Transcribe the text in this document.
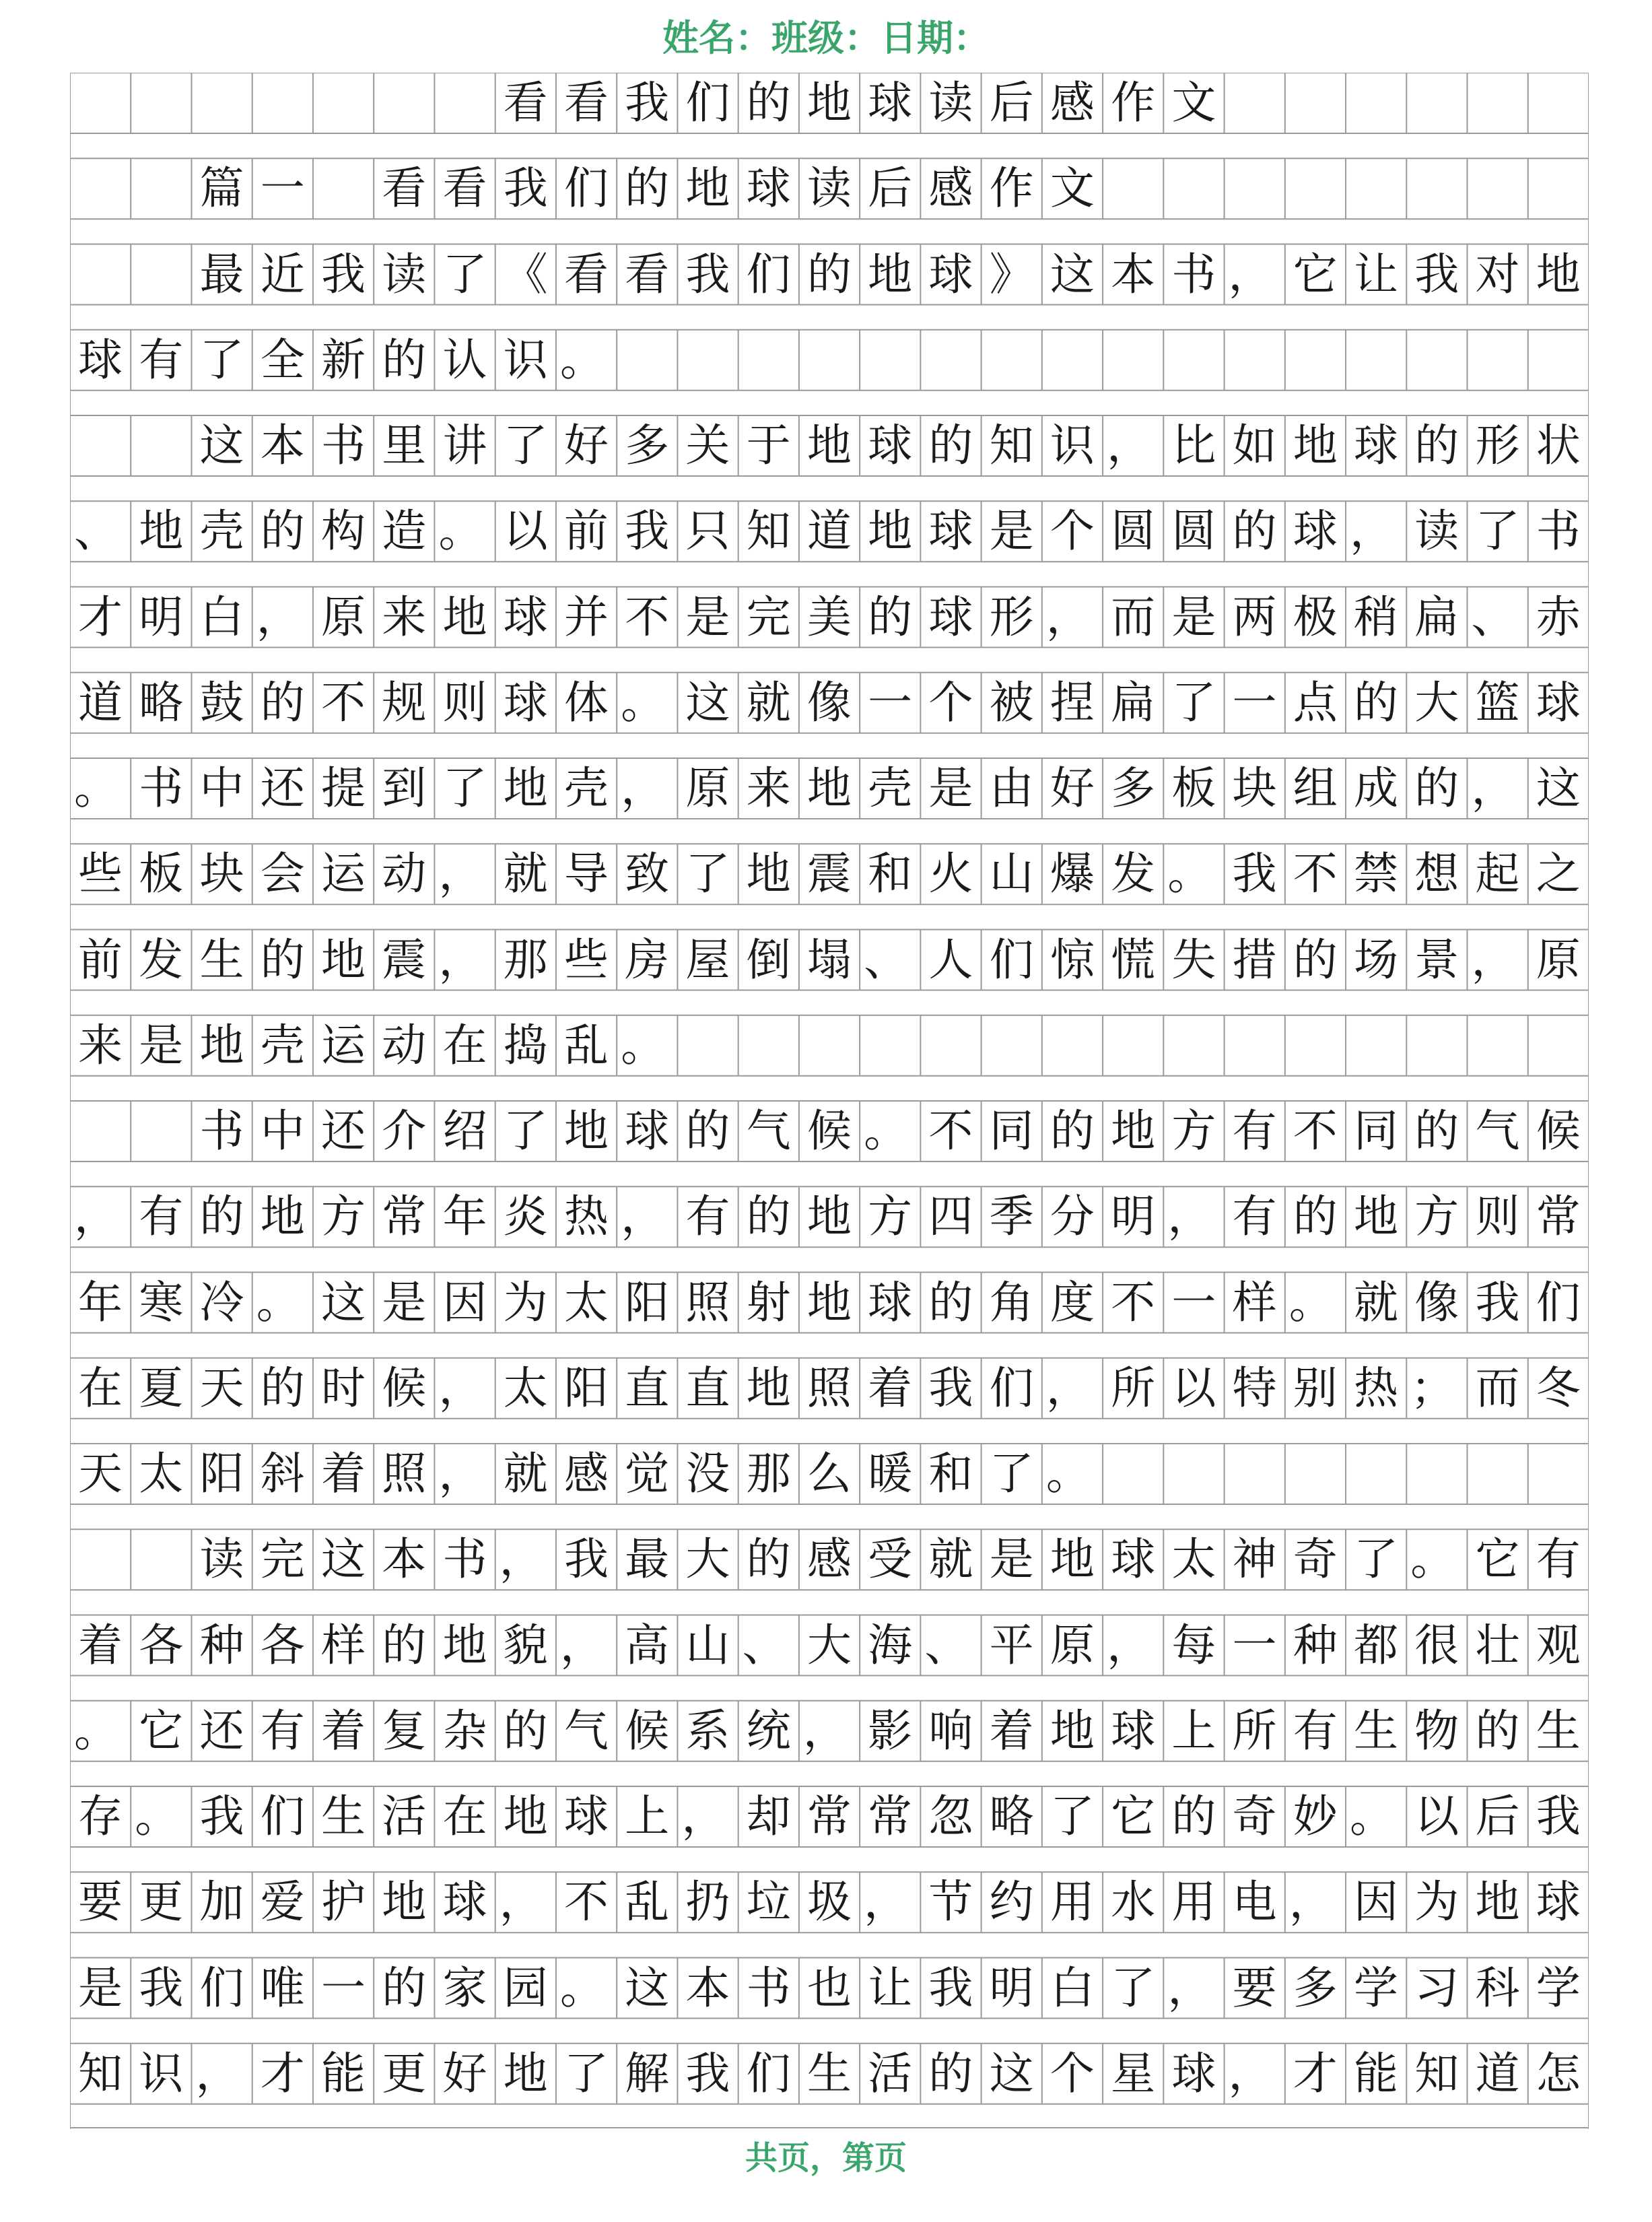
姓名：班级：日期：
看 看 我 们 的 地 球 读 后 感 作 文
篇 一
　 看 看 我 们 的 地 球 读 后 感 作 文
最 近 我 读 了 《 看 看 我 们 的 地 球 》 这 本 书 ， 它 让 我 对 地
球 有 了 全 新 的 认 识 。
这 本 书 里 讲 了 好 多 关 于 地 球 的 知 识 ， 比 如 地 球 的 形 状
、 地 壳 的 构 造 。 以 前 我 只 知 道 地 球 是 个 圆 圆 的 球 ， 读 了 书
才 明 白 ， 原 来 地 球 并 不 是 完 美 的 球 形 ， 而 是 两 极 稍 扁 、 赤
道 略 鼓 的 不 规 则 球 体 。 这 就 像 一 个 被 捏 扁 了 一 点 的 大 篮 球
。 书 中 还 提 到 了 地 壳 ， 原 来 地 壳 是 由 好 多 板 块 组 成 的 ， 这
些 板 块 会 运 动 ， 就 导 致 了 地 震 和 火 山 爆 发 。 我 不 禁 想 起 之
前 发 生 的 地 震 ， 那 些 房 屋 倒 塌 、 人 们 惊 慌 失 措 的 场 景 ， 原
来 是 地 壳 运 动 在 捣 乱 。
书 中 还 介 绍 了 地 球 的 气 候 。 不 同 的 地 方 有 不 同 的 气 候
， 有 的 地 方 常 年 炎 热 ， 有 的 地 方 四 季 分 明 ， 有 的 地 方 则 常
年 寒 冷 。 这 是 因 为 太 阳 照 射 地 球 的 角 度 不 一 样 。 就 像 我 们
在 夏 天 的 时 候 ， 太 阳 直 直 地 照 着 我 们 ， 所 以 特 别 热 ； 而 冬
天 太 阳 斜 着 照 ， 就 感 觉 没 那 么 暖 和 了 。
读 完 这 本 书 ， 我 最 大 的 感 受 就 是 地 球 太 神 奇 了 。 它 有
着 各 种 各 样 的 地 貌 ， 高 山 、 大 海 、 平 原 ， 每 一 种 都 很 壮 观
。 它 还 有 着 复 杂 的 气 候 系 统 ， 影 响 着 地 球 上 所 有 生 物 的 生
存 。 我 们 生 活 在 地 球 上 ， 却 常 常 忽 略 了 它 的 奇 妙 。 以 后 我
要 更 加 爱 护 地 球 ， 不 乱 扔 垃 圾 ， 节 约 用 水 用 电 ， 因 为 地 球
是 我 们 唯 一 的 家 园 。 这 本 书 也 让 我 明 白 了 ， 要 多 学 习 科 学
知 识 ， 才 能 更 好 地 了 解 我 们 生 活 的 这 个 星 球 ， 才 能 知 道 怎
共页，第页
